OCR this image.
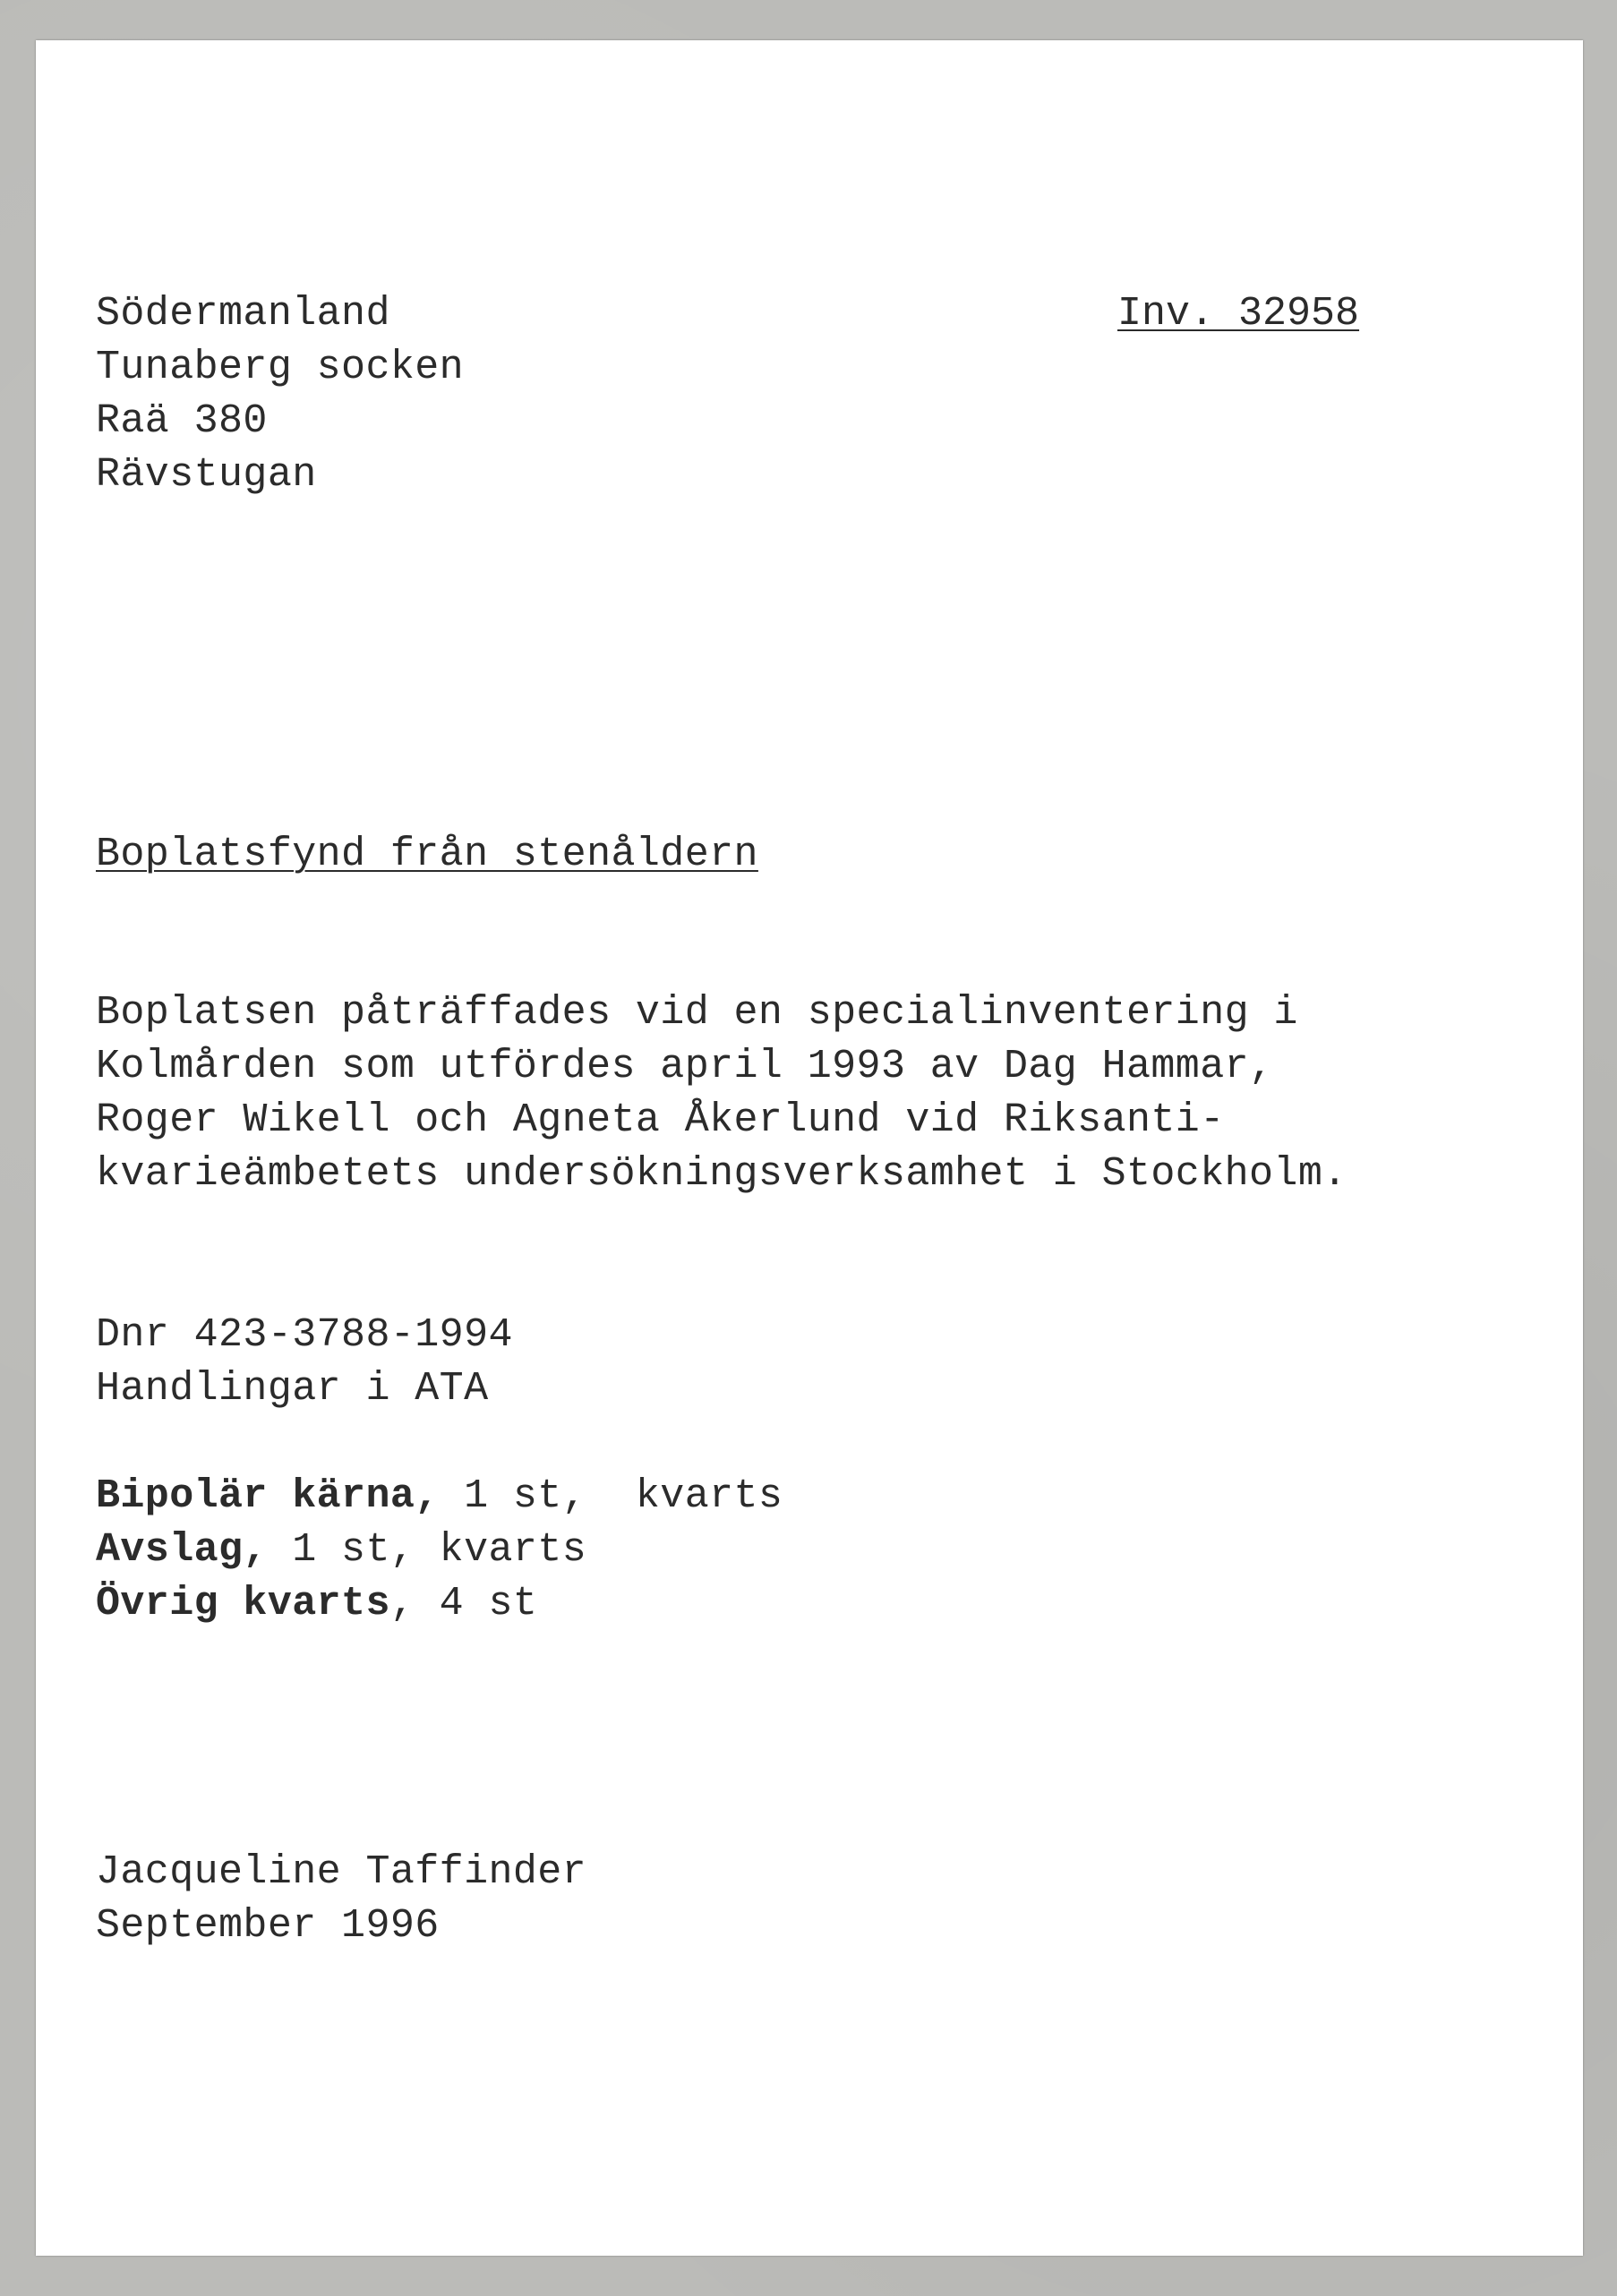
Södermanland	Inv. 32958

Tunaberg socken

Raä 380

Rävstugan

Boplatsfynd från stenåldern

Boplatsen påträffades vid en specialinventering i

Kolmården som utfördes april 1993 av Dag Hammar,

Roger Wikell och Agneta Åkerlund vid Riksanti-

kvarieämbetets undersökningsverksamhet i Stockholm.

Dnr 423-3788-1994

Handlingar i ATA

Bipolär kärna, 1 st,  kvarts

Avslag, 1 st, kvarts

Övrig kvarts, 4 st

Jacqueline Taffinder

September 1996
